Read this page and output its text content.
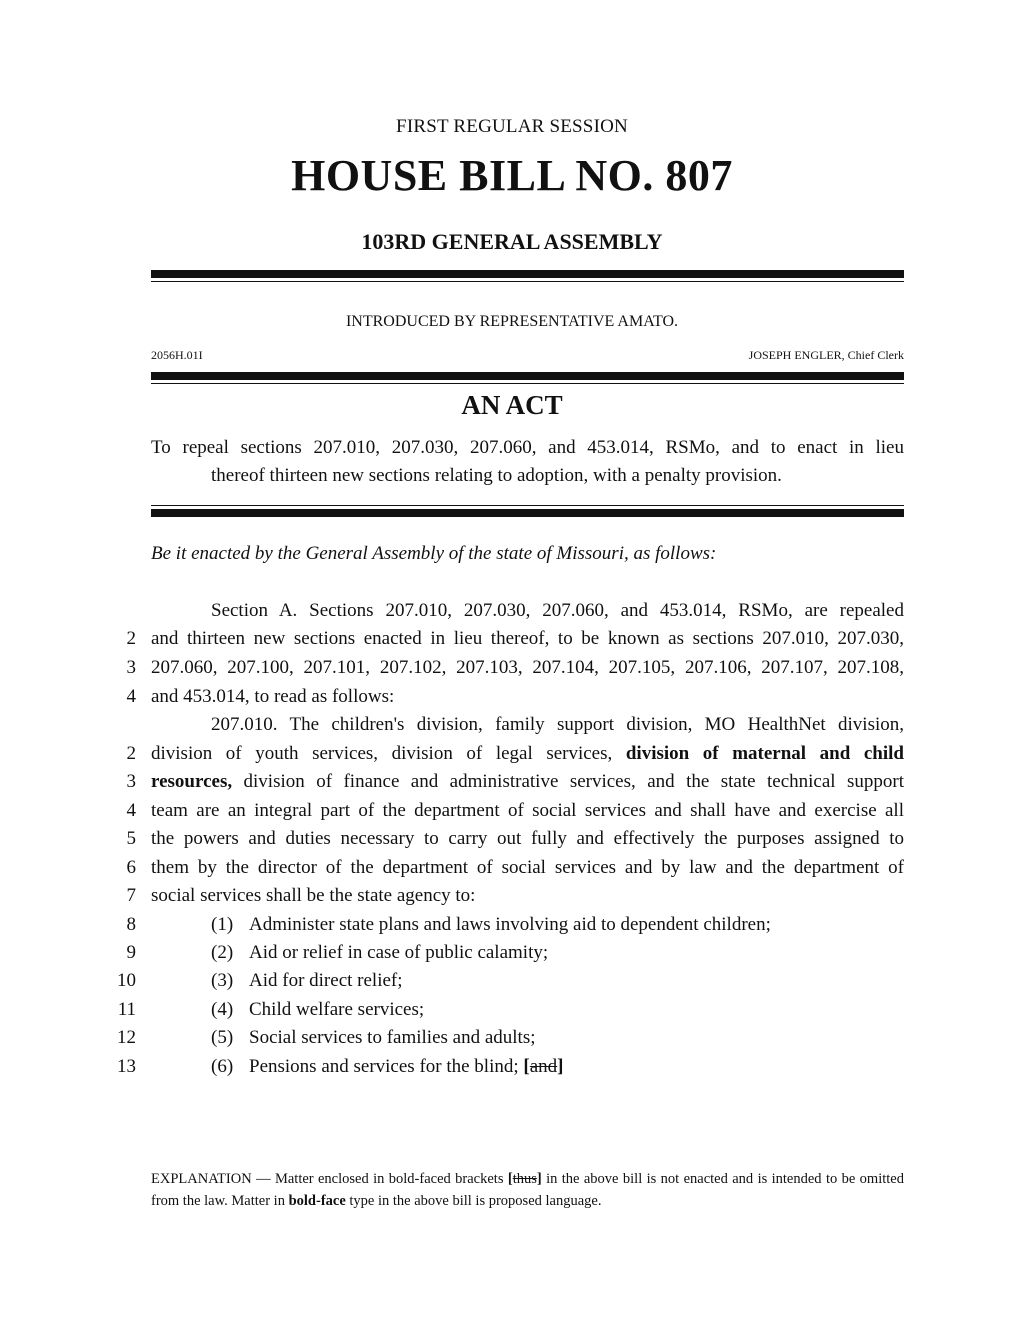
FIRST REGULAR SESSION
HOUSE BILL NO. 807
103RD GENERAL ASSEMBLY
INTRODUCED BY REPRESENTATIVE AMATO.
2056H.01I	JOSEPH ENGLER, Chief Clerk
AN ACT
To repeal sections 207.010, 207.030, 207.060, and 453.014, RSMo, and to enact in lieu
thereof thirteen new sections relating to adoption, with a penalty provision.
Be it enacted by the General Assembly of the state of Missouri, as follows:
Section A. Sections 207.010, 207.030, 207.060, and 453.014, RSMo, are repealed
2 and thirteen new sections enacted in lieu thereof, to be known as sections 207.010, 207.030,
3 207.060, 207.100, 207.101, 207.102, 207.103, 207.104, 207.105, 207.106, 207.107, 207.108,
4 and 453.014, to read as follows:
207.010. The children's division, family support division, MO HealthNet division,
2 division of youth services, division of legal services, division of maternal and child
3 resources, division of finance and administrative services, and the state technical support
4 team are an integral part of the department of social services and shall have and exercise all
5 the powers and duties necessary to carry out fully and effectively the purposes assigned to
6 them by the director of the department of social services and by law and the department of
7 social services shall be the state agency to:
8	(1) Administer state plans and laws involving aid to dependent children;
9	(2) Aid or relief in case of public calamity;
10	(3) Aid for direct relief;
11	(4) Child welfare services;
12	(5) Social services to families and adults;
13	(6) Pensions and services for the blind; [and]
EXPLANATION — Matter enclosed in bold-faced brackets [thus] in the above bill is not enacted and is intended to be omitted from the law. Matter in bold-face type in the above bill is proposed language.
